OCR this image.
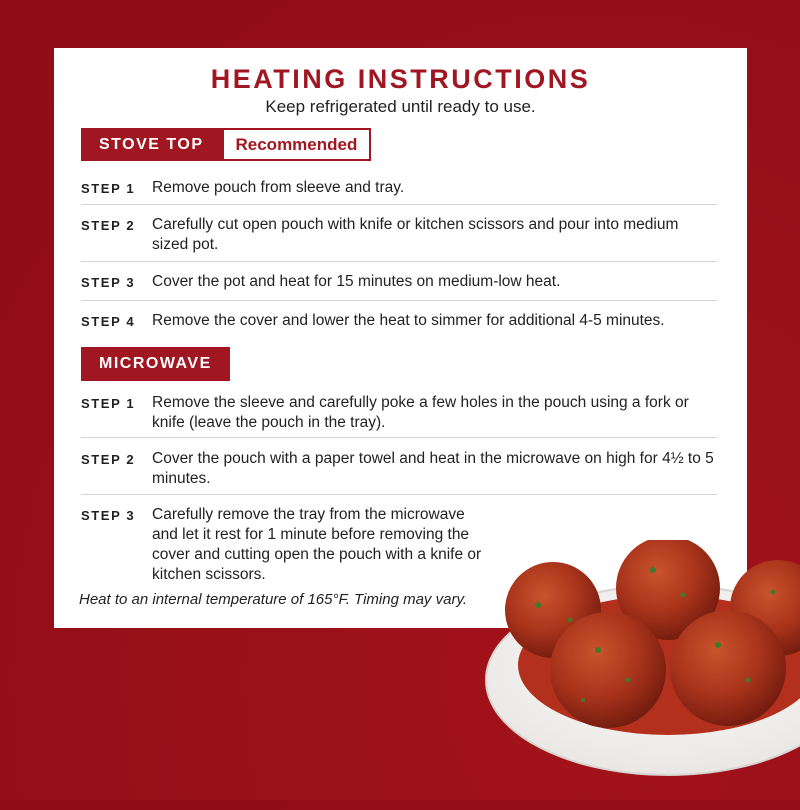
HEATING INSTRUCTIONS
Keep refrigerated until ready to use.
STOVE TOP	Recommended
STEP 1	Remove pouch from sleeve and tray.
STEP 2	Carefully cut open pouch with knife or kitchen scissors and pour into medium sized pot.
STEP 3	Cover the pot and heat for 15 minutes on medium-low heat.
STEP 4	Remove the cover and lower the heat to simmer for additional 4-5 minutes.
MICROWAVE
STEP 1	Remove the sleeve and carefully poke a few holes in the pouch using a fork or knife (leave the pouch in the tray).
STEP 2	Cover the pouch with a paper towel and heat in the microwave on high for 4½ to 5 minutes.
STEP 3	Carefully remove the tray from the microwave and let it rest for 1 minute before removing the cover and cutting open the pouch with a knife or kitchen scissors.
Heat to an internal temperature of 165°F. Timing may vary.
